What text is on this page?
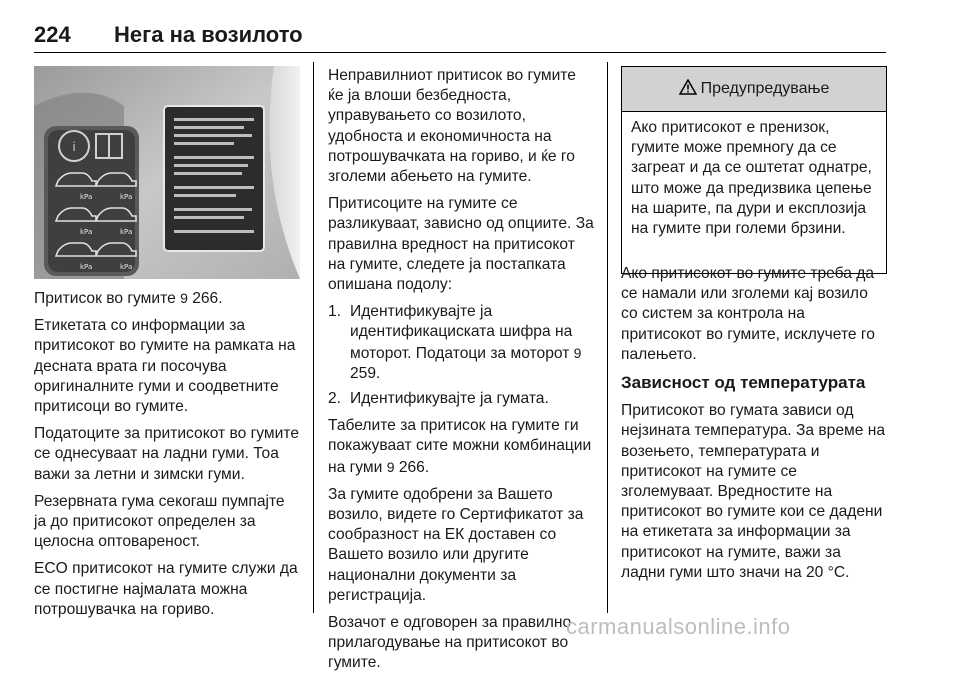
224 Нега на возилото
i
kPa	kPa
kPa	kPa
kPa	kPa

Притисок во гумите 9 266.

Етикетата со информации за притисокот во гумите на рамката на десната врата ги посочува оригиналните гуми и соодветните притисоци во гумите.

Податоците за притисокот во гумите се однесуваат на ладни гуми. Тоа важи за летни и зимски гуми.

Резервната гума секогаш пумпајте ја до притисокот определен за целосна оптовареност.

ECO притисокот на гумите служи да се постигне најмалата можна потрошувачка на гориво.

Неправилниот притисок во гумите ќе ја влоши безбедноста, управувањето со возилото, удобноста и економичноста на потрошувачката на гориво, и ќе го зголеми абењето на гумите.

Притисоците на гумите се разликуваат, зависно од опциите. За правилна вредност на притисокот на гумите, следете ја постапката опишана подолу:

1. Идентификувајте ја идентификациската шифра на моторот. Податоци за моторот 9 259.
2. Идентификувајте ја гумата.

Табелите за притисок на гумите ги покажуваат сите можни комбинации на гуми 9 266.

За гумите одобрени за Вашето возило, видете го Сертификатот за сообразност на ЕК доставен со Вашето возило или другите национални документи за регистрација.

Возачот е одговорен за правилно прилагодување на притисокот во гумите.

Предупредување
Ако притисокот е пренизок, гумите може премногу да се загреат и да се оштетат однатре, што може да предизвика цепење на шарите, па дури и експлозија на гумите при големи брзини.

Ако притисокот во гумите треба да се намали или зголеми кај возило со систем за контрола на притисокот во гумите, исклучете го палењето.

Зависност од температурата

Притисокот во гумата зависи од нејзината температура. За време на возењето, температурата и притисокот на гумите се зголемуваат. Вредностите на притисокот во гумите кои се дадени на етикетата за информации за притисокот на гумите, важи за ладни гуми што значи на 20 °C.

carmanualsonline.info
